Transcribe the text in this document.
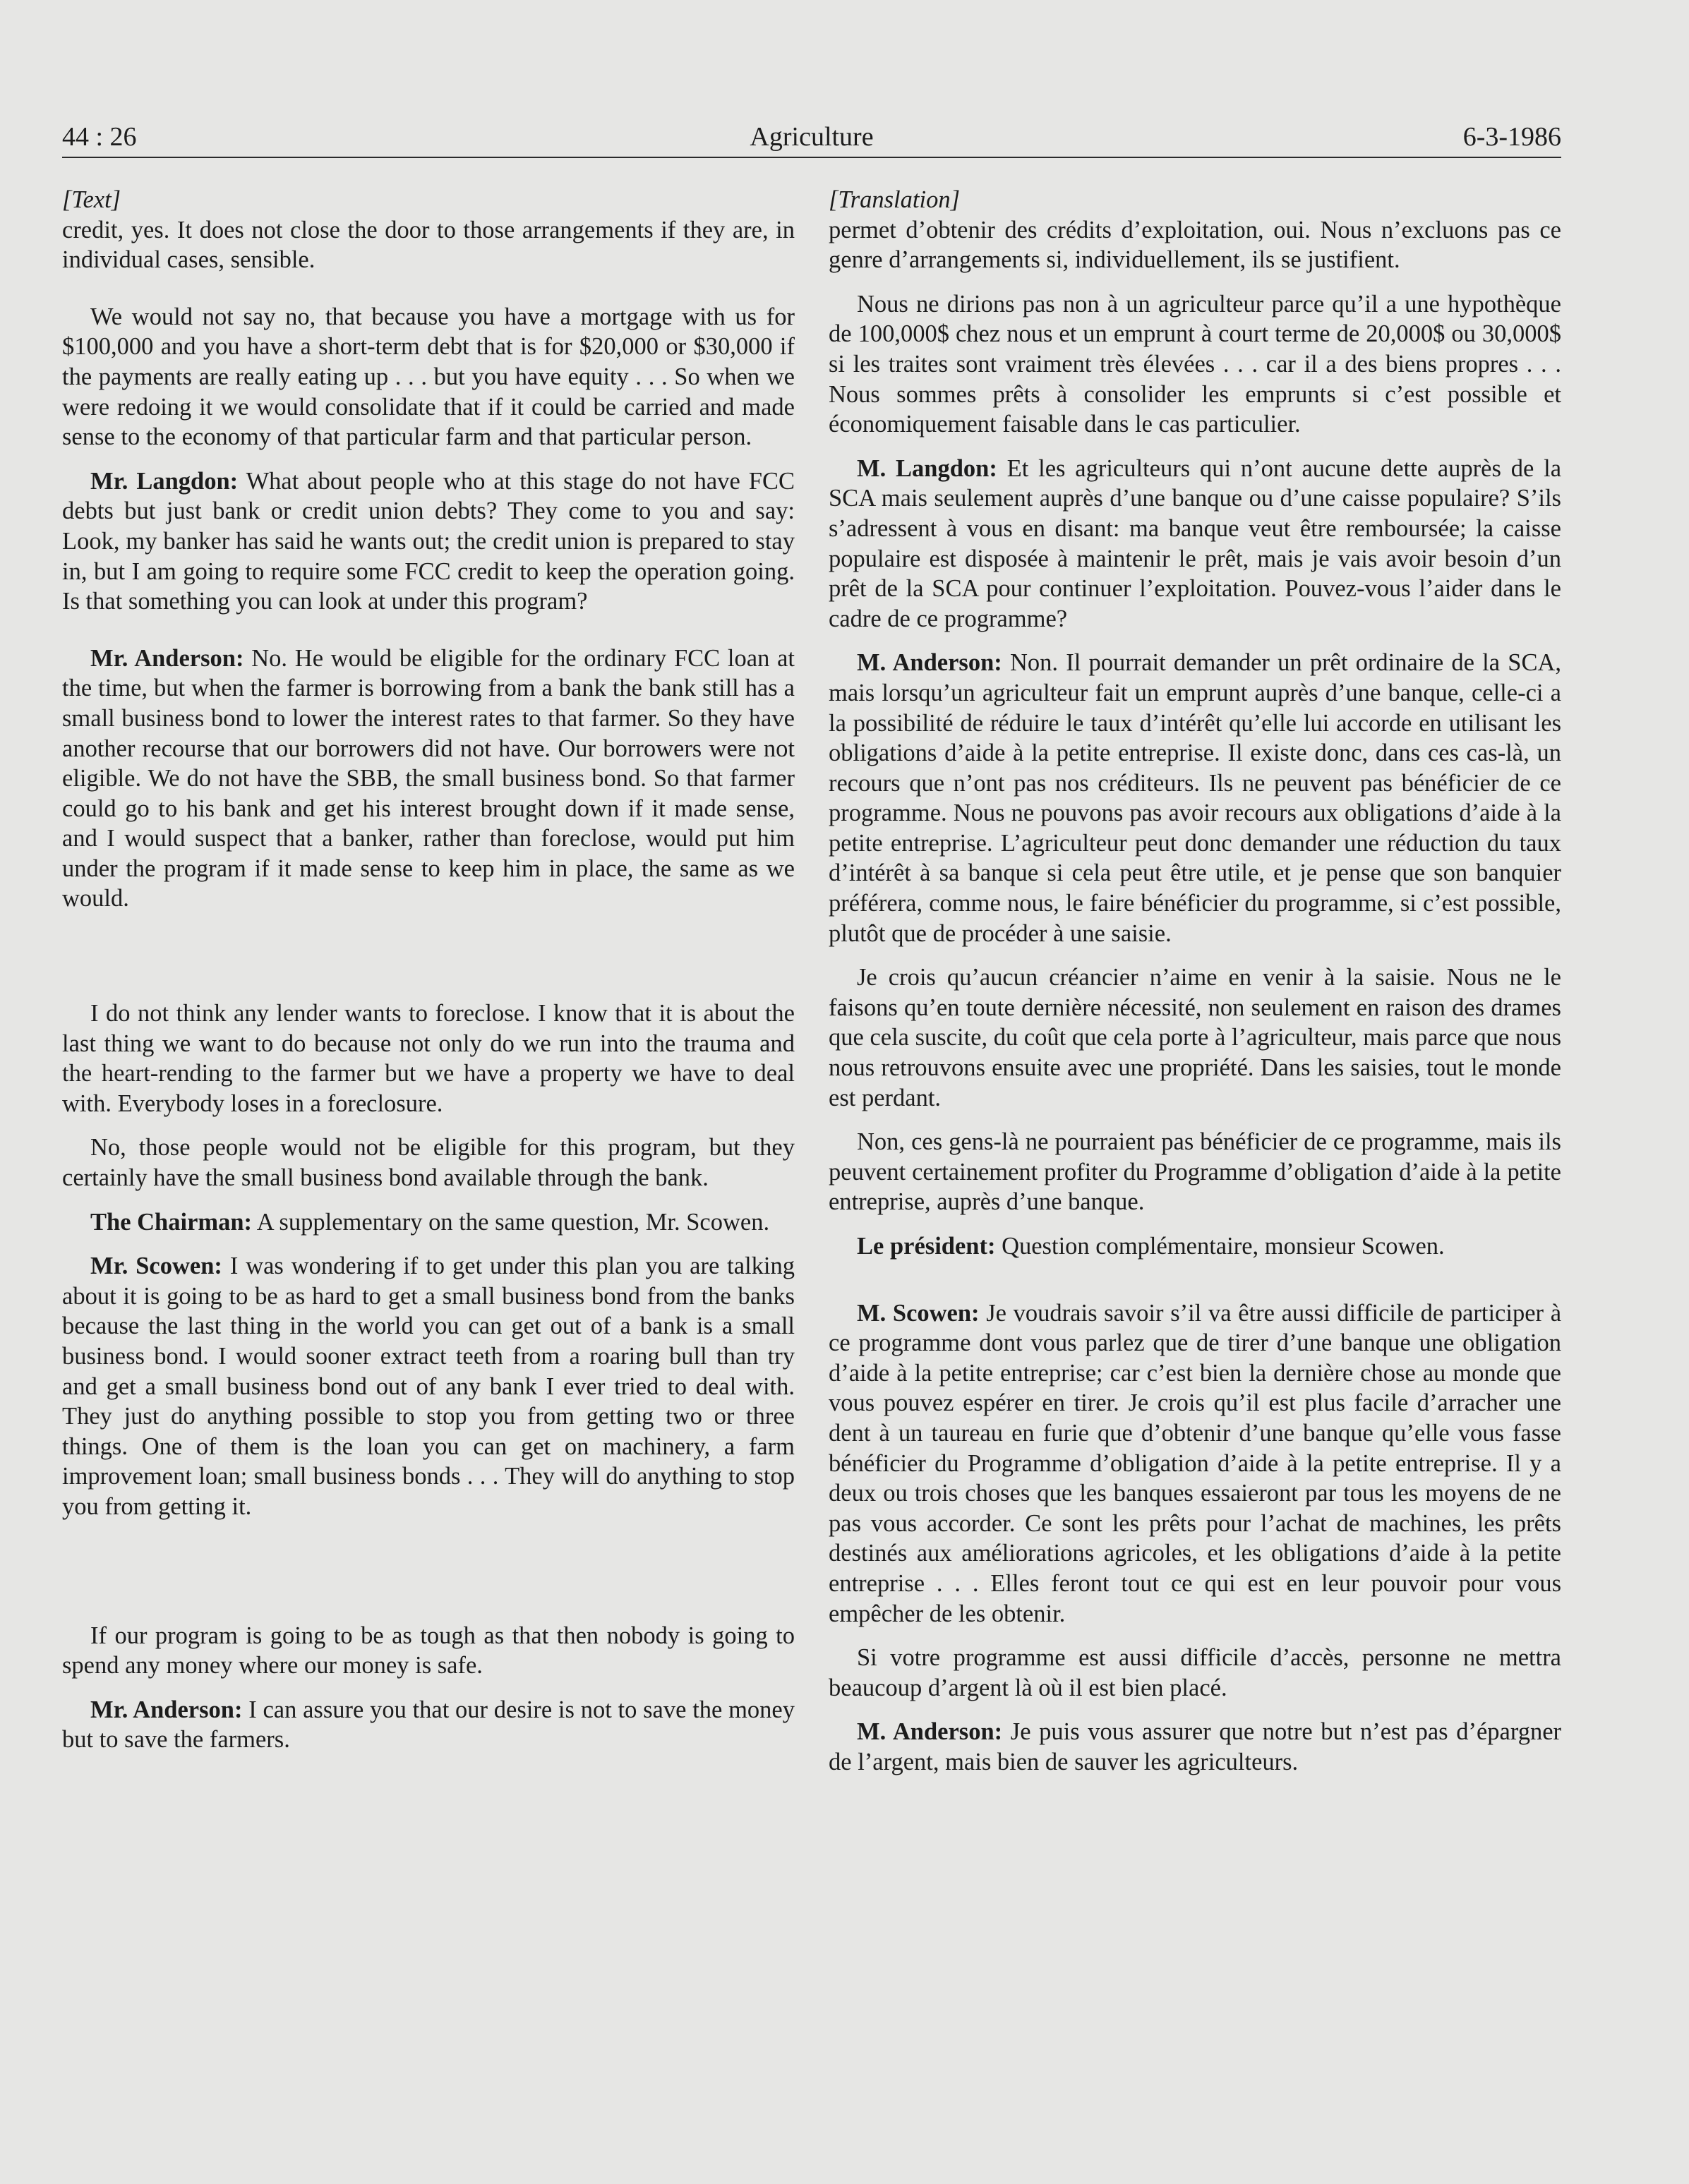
44 : 26	Agriculture	6-3-1986

[Text]

credit, yes. It does not close the door to those arrangements if they are, in individual cases, sensible.

We would not say no, that because you have a mortgage with us for $100,000 and you have a short-term debt that is for $20,000 or $30,000 if the payments are really eating up . . . but you have equity . . . So when we were redoing it we would consolidate that if it could be carried and made sense to the economy of that particular farm and that particular person.

Mr. Langdon: What about people who at this stage do not have FCC debts but just bank or credit union debts? They come to you and say: Look, my banker has said he wants out; the credit union is prepared to stay in, but I am going to require some FCC credit to keep the operation going. Is that something you can look at under this program?

Mr. Anderson: No. He would be eligible for the ordinary FCC loan at the time, but when the farmer is borrowing from a bank the bank still has a small business bond to lower the interest rates to that farmer. So they have another recourse that our borrowers did not have. Our borrowers were not eligible. We do not have the SBB, the small business bond. So that farmer could go to his bank and get his interest brought down if it made sense, and I would suspect that a banker, rather than foreclose, would put him under the program if it made sense to keep him in place, the same as we would.

I do not think any lender wants to foreclose. I know that it is about the last thing we want to do because not only do we run into the trauma and the heart-rending to the farmer but we have a property we have to deal with. Everybody loses in a foreclosure.

No, those people would not be eligible for this program, but they certainly have the small business bond available through the bank.

The Chairman: A supplementary on the same question, Mr. Scowen.

Mr. Scowen: I was wondering if to get under this plan you are talking about it is going to be as hard to get a small business bond from the banks because the last thing in the world you can get out of a bank is a small business bond. I would sooner extract teeth from a roaring bull than try and get a small business bond out of any bank I ever tried to deal with. They just do anything possible to stop you from getting two or three things. One of them is the loan you can get on machinery, a farm improvement loan; small business bonds . . . They will do anything to stop you from getting it.

If our program is going to be as tough as that then nobody is going to spend any money where our money is safe.

Mr. Anderson: I can assure you that our desire is not to save the money but to save the farmers.

[Translation]

permet d’obtenir des crédits d’exploitation, oui. Nous n’excluons pas ce genre d’arrangements si, individuellement, ils se justifient.

Nous ne dirions pas non à un agriculteur parce qu’il a une hypothèque de 100,000$ chez nous et un emprunt à court terme de 20,000$ ou 30,000$ si les traites sont vraiment très élevées . . . car il a des biens propres . . . Nous sommes prêts à consolider les emprunts si c’est possible et économiquement faisable dans le cas particulier.

M. Langdon: Et les agriculteurs qui n’ont aucune dette auprès de la SCA mais seulement auprès d’une banque ou d’une caisse populaire? S’ils s’adressent à vous en disant: ma banque veut être remboursée; la caisse populaire est disposée à maintenir le prêt, mais je vais avoir besoin d’un prêt de la SCA pour continuer l’exploitation. Pouvez-vous l’aider dans le cadre de ce programme?

M. Anderson: Non. Il pourrait demander un prêt ordinaire de la SCA, mais lorsqu’un agriculteur fait un emprunt auprès d’une banque, celle-ci a la possibilité de réduire le taux d’intérêt qu’elle lui accorde en utilisant les obligations d’aide à la petite entreprise. Il existe donc, dans ces cas-là, un recours que n’ont pas nos créditeurs. Ils ne peuvent pas bénéficier de ce programme. Nous ne pouvons pas avoir recours aux obligations d’aide à la petite entreprise. L’agriculteur peut donc demander une réduction du taux d’intérêt à sa banque si cela peut être utile, et je pense que son banquier préférera, comme nous, le faire bénéficier du programme, si c’est possible, plutôt que de procéder à une saisie.

Je crois qu’aucun créancier n’aime en venir à la saisie. Nous ne le faisons qu’en toute dernière nécessité, non seulement en raison des drames que cela suscite, du coût que cela porte à l’agriculteur, mais parce que nous nous retrouvons ensuite avec une propriété. Dans les saisies, tout le monde est perdant.

Non, ces gens-là ne pourraient pas bénéficier de ce programme, mais ils peuvent certainement profiter du Programme d’obligation d’aide à la petite entreprise, auprès d’une banque.

Le président: Question complémentaire, monsieur Scowen.

M. Scowen: Je voudrais savoir s’il va être aussi difficile de participer à ce programme dont vous parlez que de tirer d’une banque une obligation d’aide à la petite entreprise; car c’est bien la dernière chose au monde que vous pouvez espérer en tirer. Je crois qu’il est plus facile d’arracher une dent à un taureau en furie que d’obtenir d’une banque qu’elle vous fasse bénéficier du Programme d’obligation d’aide à la petite entreprise. Il y a deux ou trois choses que les banques essaieront par tous les moyens de ne pas vous accorder. Ce sont les prêts pour l’achat de machines, les prêts destinés aux améliorations agricoles, et les obligations d’aide à la petite entreprise . . . Elles feront tout ce qui est en leur pouvoir pour vous empêcher de les obtenir.

Si votre programme est aussi difficile d’accès, personne ne mettra beaucoup d’argent là où il est bien placé.

M. Anderson: Je puis vous assurer que notre but n’est pas d’épargner de l’argent, mais bien de sauver les agriculteurs.
